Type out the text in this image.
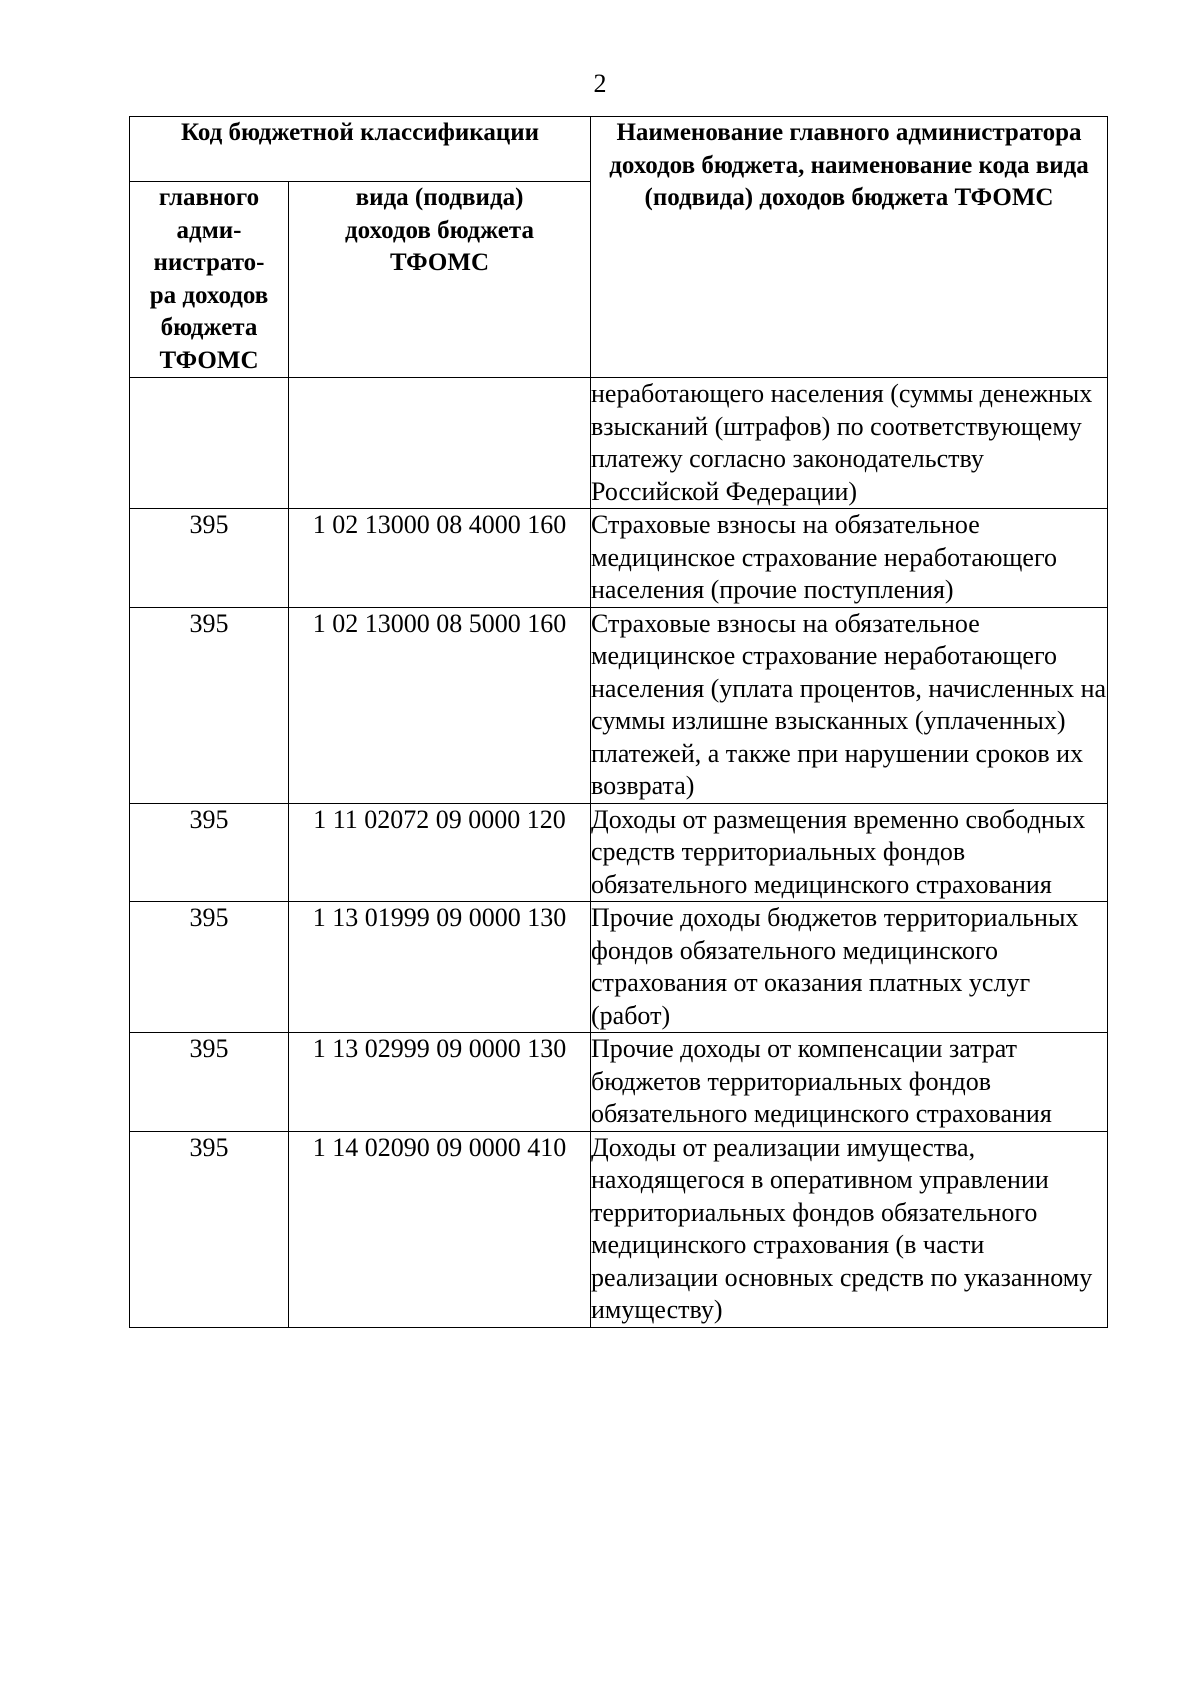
2
Код бюджетной классификации		Наименование главного администратора доходов бюджета, наименование кода вида (подвида) доходов бюджета ТФОМС

главного адми-нистрато-ра доходов бюджета ТФОМС	вида (подвида) доходов бюджета ТФОМС	

		неработающего населения (суммы денежных взысканий (штрафов) по соответствующему платежу согласно законодательству Российской Федерации)
395	1 02 13000 08 4000 160	Страховые взносы на обязательное медицинское страхование неработающего населения (прочие поступления)
395	1 02 13000 08 5000 160	Страховые взносы на обязательное медицинское страхование неработающего населения (уплата процентов, начисленных на суммы излишне взысканных (уплаченных) платежей, а также при нарушении сроков их возврата)
395	1 11 02072 09 0000 120	Доходы от размещения временно свободных средств территориальных фондов обязательного медицинского страхования
395	1 13 01999 09 0000 130	Прочие доходы бюджетов территориальных фондов обязательного медицинского страхования от оказания платных услуг (работ)
395	1 13 02999 09 0000 130	Прочие доходы от компенсации затрат бюджетов территориальных фондов обязательного медицинского страхования
395	1 14 02090 09 0000 410	Доходы от реализации имущества, находящегося в оперативном управлении территориальных фондов обязательного медицинского страхования (в части реализации основных средств по указанному имуществу)
